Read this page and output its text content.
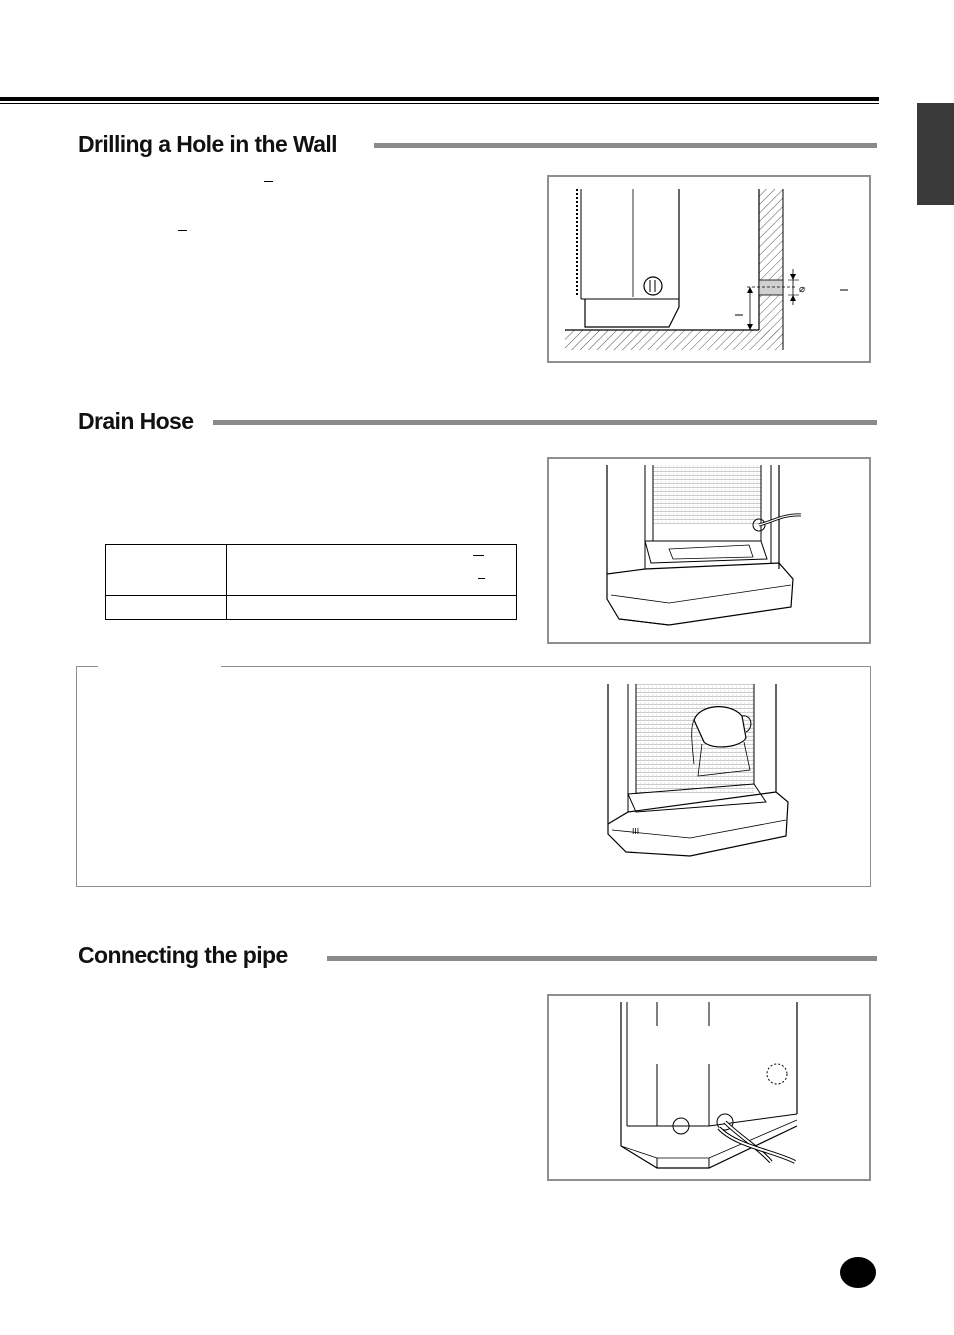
Drilling a Hole in the Wall
⌀
Drain Hose

III
Connecting the pipe
